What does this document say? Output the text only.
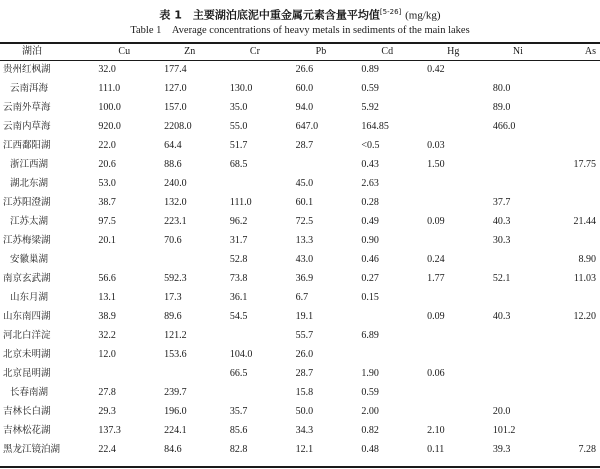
表 1　主要湖泊底泥中重金属元素含量平均值[5-26] (mg/kg)
Table 1　Average concentrations of heavy metals in sediments of the main lakes
湖泊	Cu	Zn	Cr	Pb	Cd	Hg	Ni	As
贵州红枫湖	32.0	177.4		26.6	0.89	0.42		
云南洱海	111.0	127.0	130.0	60.0	0.59		80.0	
云南外草海	100.0	157.0	35.0	94.0	5.92		89.0	
云南内草海	920.0	2208.0	55.0	647.0	164.85		466.0	
江西鄱阳湖	22.0	64.4	51.7	28.7	<0.5	0.03		
浙江西湖	20.6	88.6	68.5		0.43	1.50		17.75
湖北东湖	53.0	240.0		45.0	2.63			
江苏阳澄湖	38.7	132.0	111.0	60.1	0.28		37.7	
江苏太湖	97.5	223.1	96.2	72.5	0.49	0.09	40.3	21.44
江苏梅梁湖	20.1	70.6	31.7	13.3	0.90		30.3	
安徽巢湖			52.8	43.0	0.46	0.24		8.90
南京玄武湖	56.6	592.3	73.8	36.9	0.27	1.77	52.1	11.03
山东月湖	13.1	17.3	36.1	6.7	0.15			
山东南四湖	38.9	89.6	54.5	19.1		0.09	40.3	12.20
河北白洋淀	32.2	121.2		55.7	6.89			
北京未明湖	12.0	153.6	104.0	26.0				
北京昆明湖			66.5	28.7	1.90	0.06		
长春南湖	27.8	239.7		15.8	0.59			
吉林长白湖	29.3	196.0	35.7	50.0	2.00		20.0	
吉林松花湖	137.3	224.1	85.6	34.3	0.82	2.10	101.2	
黑龙江镜泊湖	22.4	84.6	82.8	12.1	0.48	0.11	39.3	7.28
